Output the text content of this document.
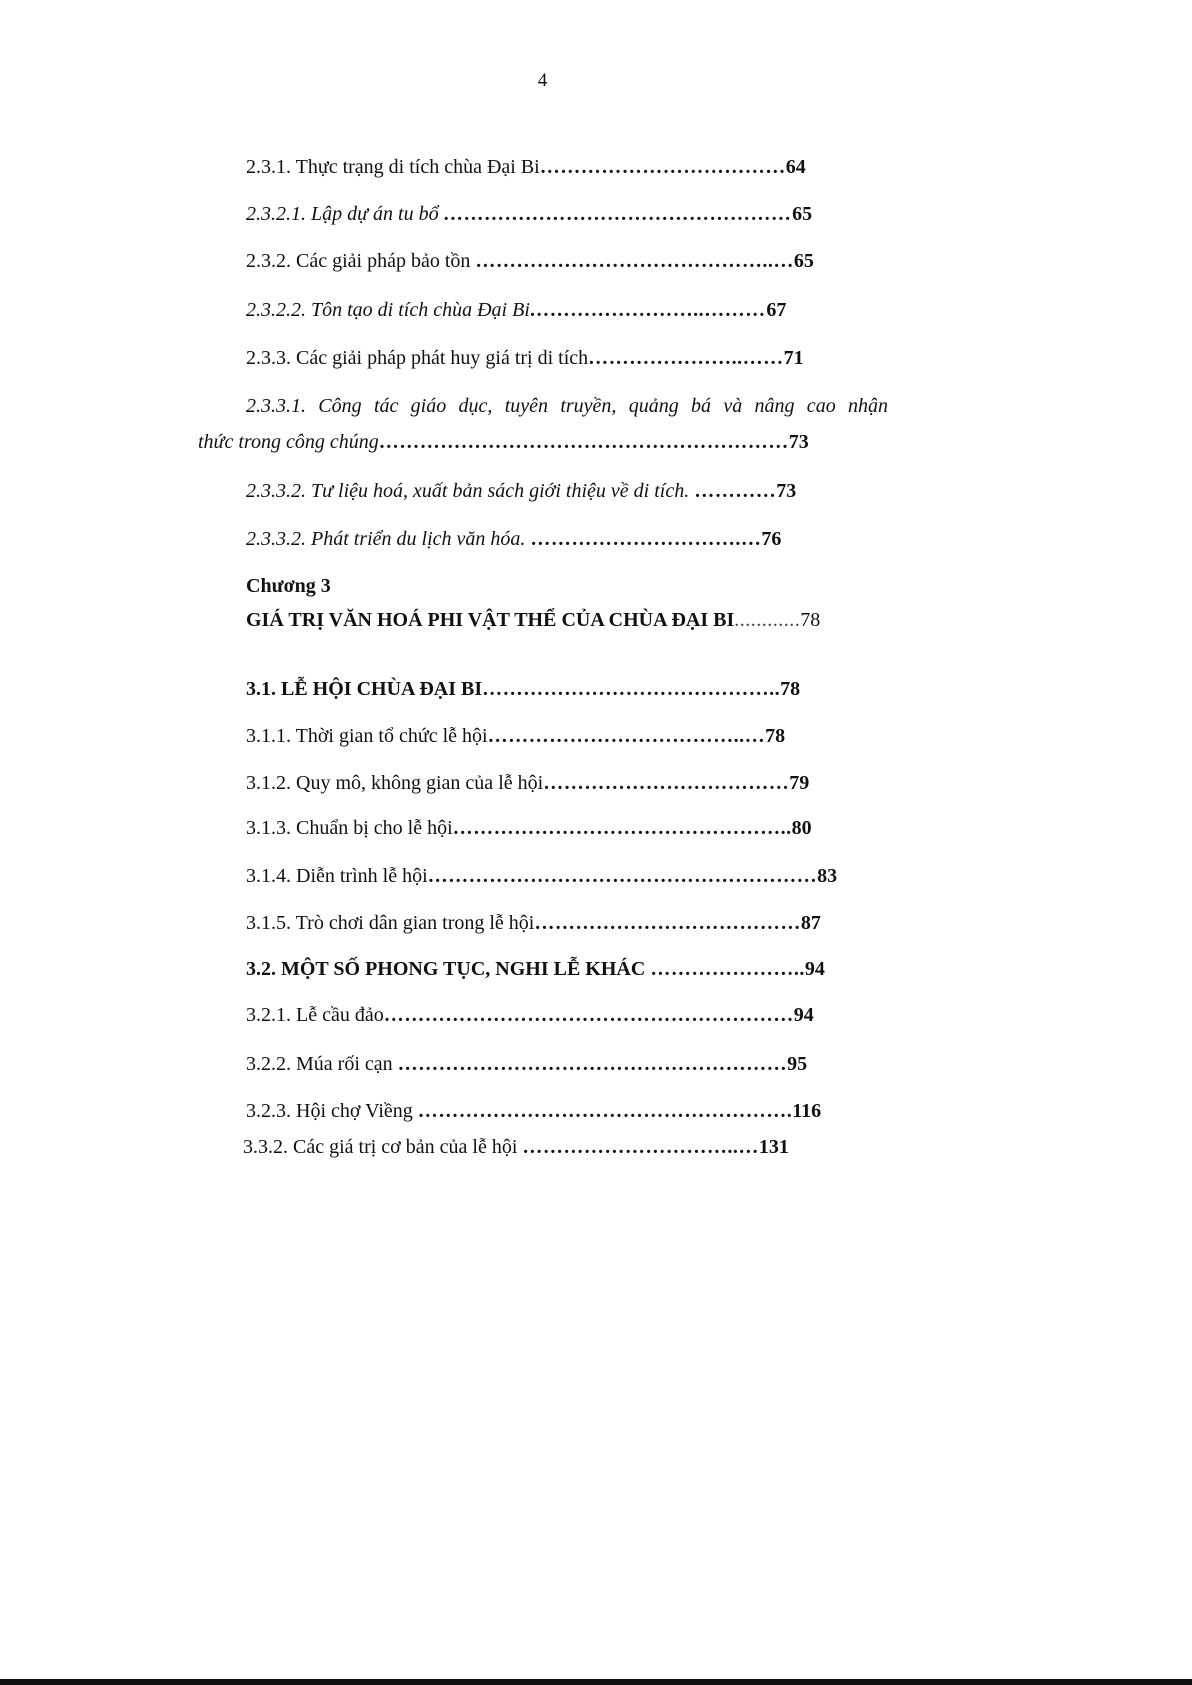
4
2.3.1. Thực trạng di tích chùa Đại Bi………………………………64
2.3.2.1. Lập dự án tu bổ ……………………………………………65
2.3.2. Các giải pháp bảo tồn ……………………………………..…65
2.3.2.2. Tôn tạo di tích chùa Đại Bi……………………..………67
2.3.3. Các giải pháp phát huy giá trị di tích…………………..……71
2.3.3.1. Công tác giáo dục, tuyên truyền, quảng bá và nâng cao nhận
thức trong công chúng……………………………………………………73
2.3.3.2. Tư liệu hoá, xuất bản sách giới thiệu về di tích. …………73
2.3.3.2. Phát triển du lịch văn hóa. ………………………….…76
Chương 3
GIÁ TRỊ VĂN HOÁ PHI VẬT THỂ CỦA CHÙA ĐẠI BI............78
3.1. LỄ HỘI CHÙA ĐẠI BI……………………………………..78
3.1.1. Thời gian tổ chức lễ hội………………………………..…78
3.1.2. Quy mô, không gian của lễ hội………………………………79
3.1.3. Chuẩn bị cho lễ hội…………………………………………..80
3.1.4. Diễn trình lễ hội…………………………………………………83
3.1.5. Trò chơi dân gian trong lễ hội…………………………………87
3.2. MỘT SỐ PHONG TỤC, NGHI LỄ KHÁC …………………..94
3.2.1. Lễ cầu đảo……………………………………………………94
3.2.2. Múa rối cạn …………………………………………………95
3.2.3. Hội chợ Viềng ……………………………………………….116
3.3.2. Các giá trị cơ bản của lễ hội …………………………..…131
